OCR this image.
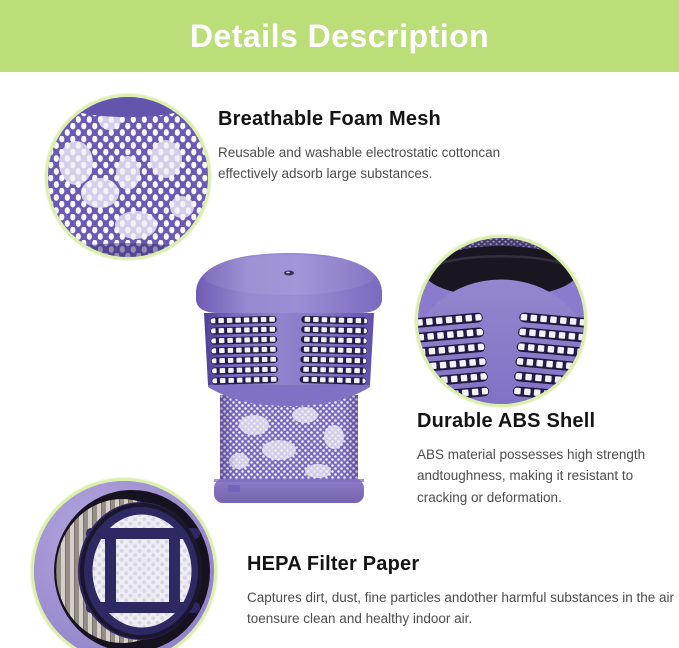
Details Description
Breathable Foam Mesh

Reusable and washable electrostatic cottoncan effectively adsorb large substances.

Durable ABS Shell

ABS material possesses high strength andtoughness, making it resistant to cracking or deformation.

HEPA Filter Paper

Captures dirt, dust, fine particles andother harmful substances in the air toensure clean and healthy indoor air.
